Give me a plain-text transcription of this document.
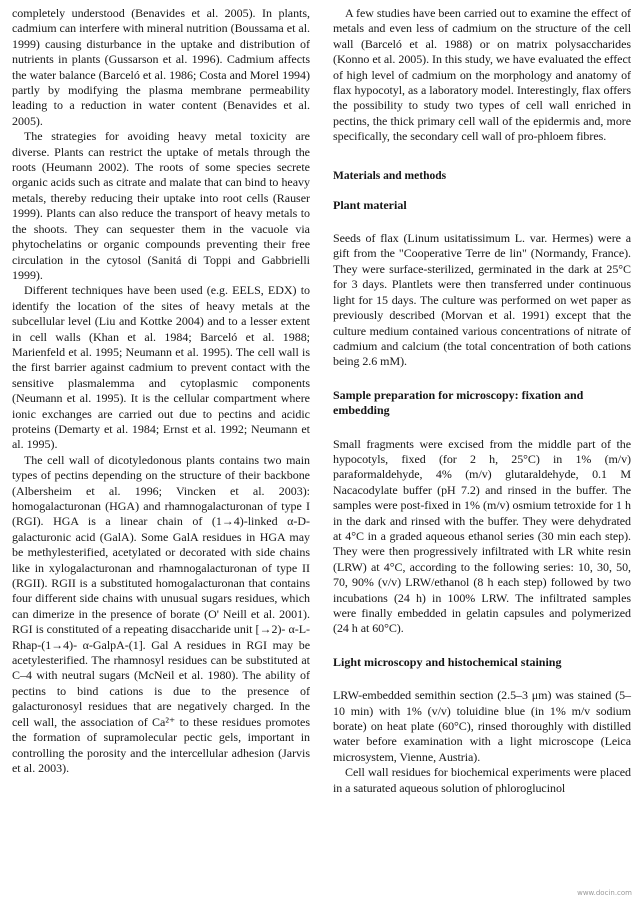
completely understood (Benavides et al. 2005). In plants, cadmium can interfere with mineral nutrition (Boussama et al. 1999) causing disturbance in the uptake and distribution of nutrients in plants (Gussarson et al. 1996). Cadmium affects the water balance (Barceló et al. 1986; Costa and Morel 1994) partly by modifying the plasma membrane permeability leading to a reduction in water content (Benavides et al. 2005).

The strategies for avoiding heavy metal toxicity are diverse. Plants can restrict the uptake of metals through the roots (Heumann 2002). The roots of some species secrete organic acids such as citrate and malate that can bind to heavy metals, thereby reducing their uptake into root cells (Rauser 1999). Plants can also reduce the transport of heavy metals to the shoots. They can sequester them in the vacuole via phytochelatins or organic compounds preventing their free circulation in the cytosol (Sanitá di Toppi and Gabbrielli 1999).

Different techniques have been used (e.g. EELS, EDX) to identify the location of the sites of heavy metals at the subcellular level (Liu and Kottke 2004) and to a lesser extent in cell walls (Khan et al. 1984; Barceló et al. 1988; Marienfeld et al. 1995; Neumann et al. 1995). The cell wall is the first barrier against cadmium to prevent contact with the sensitive plasmalemma and cytoplasmic components (Neumann et al. 1995). It is the cellular compartment where ionic exchanges are carried out due to pectins and acidic proteins (Demarty et al. 1984; Ernst et al. 1992; Neumann et al. 1995).

The cell wall of dicotyledonous plants contains two main types of pectins depending on the structure of their backbone (Albersheim et al. 1996; Vincken et al. 2003): homogalacturonan (HGA) and rhamnogalacturonan of type I (RGI). HGA is a linear chain of (1→4)-linked α-D-galacturonic acid (GalA). Some GalA residues in HGA may be methylesterified, acetylated or decorated with side chains like in xylogalacturonan and rhamnogalacturonan of type II (RGII). RGII is a substituted homogalacturonan that contains four different side chains with unusual sugars residues, which can dimerize in the presence of borate (O' Neill et al. 2001). RGI is constituted of a repeating disaccharide unit [→2)- α-L-Rhap-(1→4)- α-GalpA-(1]. Gal A residues in RGI may be acetylesterified. The rhamnosyl residues can be substituted at C–4 with neutral sugars (McNeil et al. 1980). The ability of pectins to bind cations is due to the presence of galacturonosyl residues that are negatively charged. In the cell wall, the association of Ca²⁺ to these residues promotes the formation of supramolecular pectic gels, important in controlling the porosity and the intercellular adhesion (Jarvis et al. 2003).

A few studies have been carried out to examine the effect of metals and even less of cadmium on the structure of the cell wall (Barceló et al. 1988) or on matrix polysaccharides (Konno et al. 2005). In this study, we have evaluated the effect of high level of cadmium on the morphology and anatomy of flax hypocotyl, as a laboratory model. Interestingly, flax offers the possibility to study two types of cell wall enriched in pectins, the thick primary cell wall of the epidermis and, more specifically, the secondary cell wall of pro-phloem fibres.

Materials and methods
Plant material

Seeds of flax (Linum usitatissimum L. var. Hermes) were a gift from the "Cooperative Terre de lin" (Normandy, France). They were surface-sterilized, germinated in the dark at 25°C for 3 days. Plantlets were then transferred under continuous light for 15 days. The culture was performed on wet paper as previously described (Morvan et al. 1991) except that the culture medium contained various concentrations of nitrate of cadmium and calcium (the total concentration of both cations being 2.6 mM).

Sample preparation for microscopy: fixation and embedding

Small fragments were excised from the middle part of the hypocotyls, fixed (for 2 h, 25°C) in 1% (m/v) paraformaldehyde, 4% (m/v) glutaraldehyde, 0.1 M Nacacodylate buffer (pH 7.2) and rinsed in the buffer. The samples were post-fixed in 1% (m/v) osmium tetroxide for 1 h in the dark and rinsed with the buffer. They were dehydrated at 4°C in a graded aqueous ethanol series (30 min each step). They were then progressively infiltrated with LR white resin (LRW) at 4°C, according to the following series: 10, 30, 50, 70, 90% (v/v) LRW/ethanol (8 h each step) followed by two incubations (24 h) in 100% LRW. The infiltrated samples were finally embedded in gelatin capsules and polymerized (24 h at 60°C).

Light microscopy and histochemical staining

LRW-embedded semithin section (2.5–3 μm) was stained (5–10 min) with 1% (v/v) toluidine blue (in 1% m/v sodium borate) on heat plate (60°C), rinsed thoroughly with distilled water before examination with a light microscope (Leica microsystem, Vienne, Austria).

Cell wall residues for biochemical experiments were placed in a saturated aqueous solution of phloroglucinol

www.docin.com
